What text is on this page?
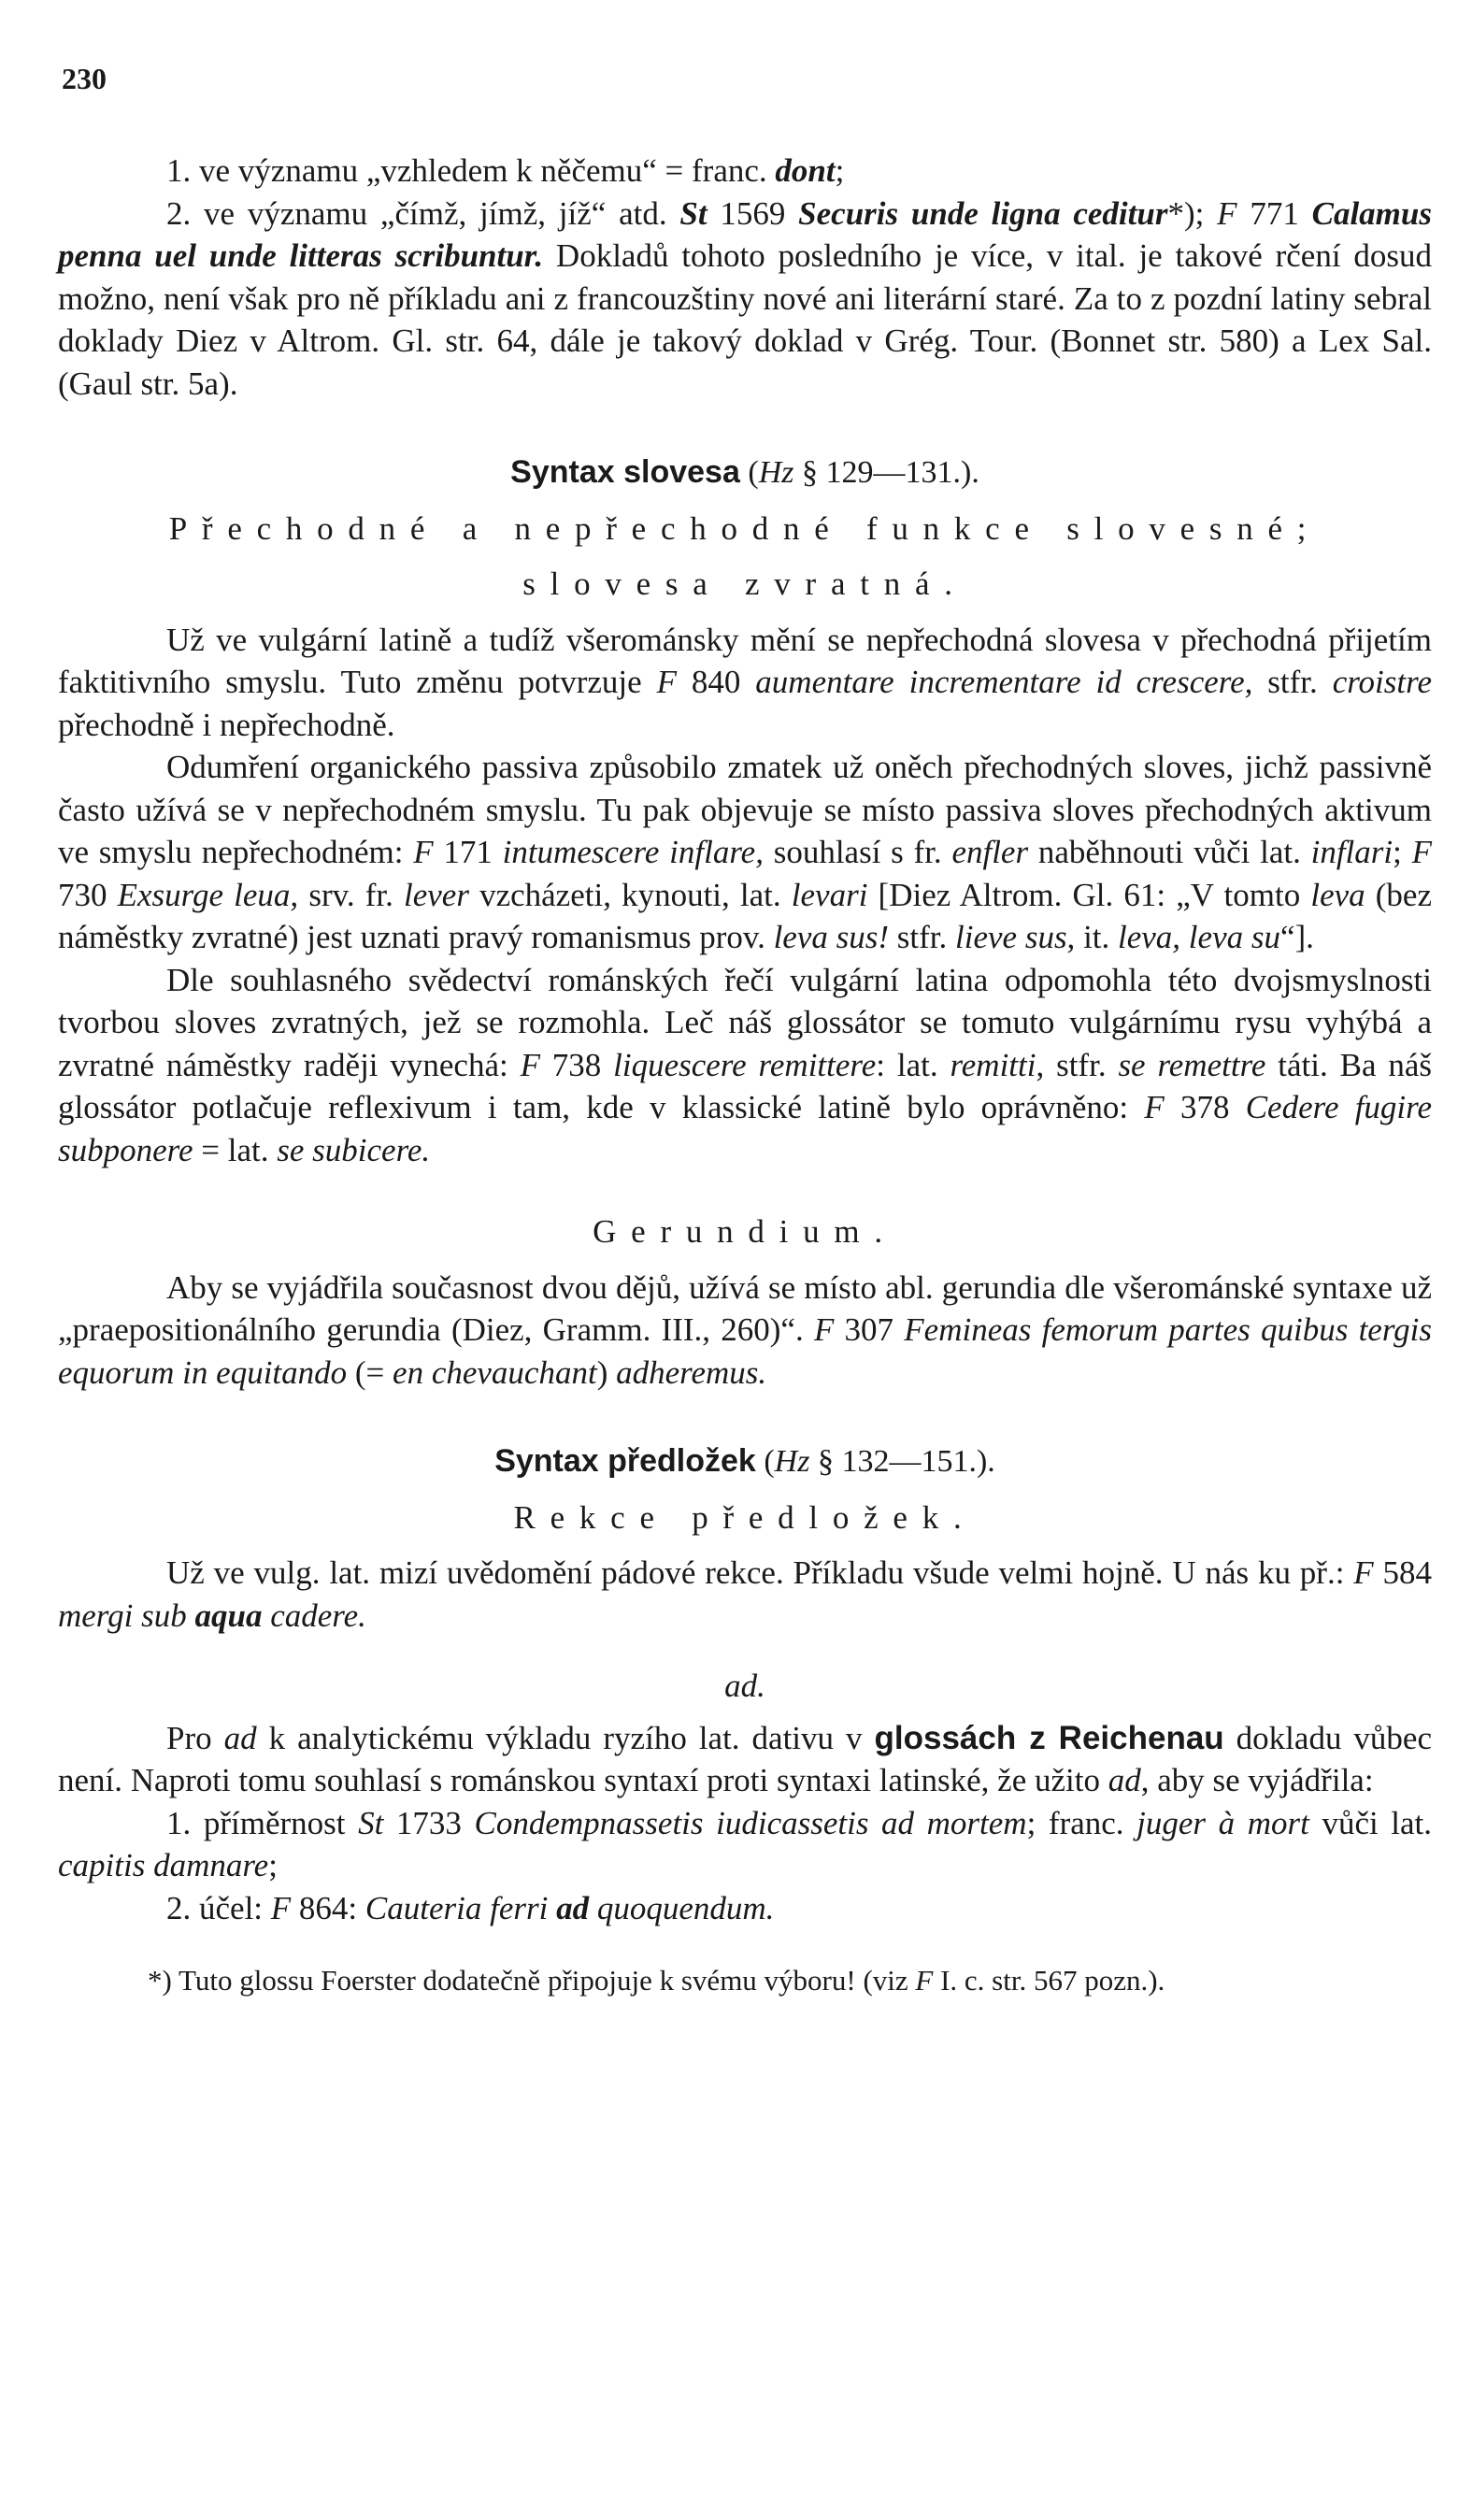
230

1. ve významu „vzhledem k něčemu“ = franc. dont;

2. ve významu „čímž, jímž, jíž“ atd. St 1569 Securis unde ligna ceditur*); F 771 Calamus penna uel unde litteras scribuntur. Dokladů tohoto posledního je více, v ital. je takové rčení dosud možno, není však pro ně příkladu ani z francouzštiny nové ani literární staré. Za to z pozdní latiny sebral doklady Diez v Altrom. Gl. str. 64, dále je takový doklad v Grég. Tour. (Bonnet str. 580) a Lex Sal. (Gaul str. 5a).

Syntax slovesa (Hz § 129—131.).
Přechodné a nepřechodné funkce slovesné;
slovesa zvratná.

Už ve vulgární latině a tudíž všerománsky mění se nepřechodná slovesa v přechodná přijetím faktitivního smyslu. Tuto změnu potvrzuje F 840 aumentare incrementare id crescere, stfr. croistre přechodně i nepřechodně.

Odumření organického passiva způsobilo zmatek už oněch přechodných sloves, jichž passivně často užívá se v nepřechodném smyslu. Tu pak objevuje se místo passiva sloves přechodných aktivum ve smyslu nepřechodném: F 171 intumescere inflare, souhlasí s fr. enfler naběhnouti vůči lat. inflari; F 730 Exsurge leua, srv. fr. lever vzcházeti, kynouti, lat. levari [Diez Altrom. Gl. 61: „V tomto leva (bez náměstky zvratné) jest uznati pravý romanismus prov. leva sus! stfr. lieve sus, it. leva, leva su“].

Dle souhlasného svědectví románských řečí vulgární latina odpomohla této dvojsmyslnosti tvorbou sloves zvratných, jež se rozmohla. Leč náš glossátor se tomuto vulgárnímu rysu vyhýbá a zvratné náměstky raději vynechá: F 738 liquescere remittere: lat. remitti, stfr. se remettre táti. Ba náš glossátor potlačuje reflexivum i tam, kde v klassické latině bylo oprávněno: F 378 Cedere fugire subponere = lat. se subicere.

Gerundium.

Aby se vyjádřila současnost dvou dějů, užívá se místo abl. gerundia dle všerománské syntaxe už „praepositionálního gerundia (Diez, Gramm. III., 260)“. F 307 Femineas femorum partes quibus tergis equorum in equitando (= en chevauchant) adheremus.

Syntax předložek (Hz § 132—151.).
Rekce předložek.

Už ve vulg. lat. mizí uvědomění pádové rekce. Příkladu všude velmi hojně. U nás ku př.: F 584 mergi sub aqua cadere.

ad.

Pro ad k analytickému výkladu ryzího lat. dativu v glossách z Reichenau dokladu vůbec není. Naproti tomu souhlasí s románskou syntaxí proti syntaxi latinské, že užito ad, aby se vyjádřila:

1. příměrnost St 1733 Condempnassetis iudicassetis ad mortem; franc. juger à mort vůči lat. capitis damnare;

2. účel: F 864: Cauteria ferri ad quoquendum.

*) Tuto glossu Foerster dodatečně připojuje k svému výboru! (viz F I. c. str. 567 pozn.).
